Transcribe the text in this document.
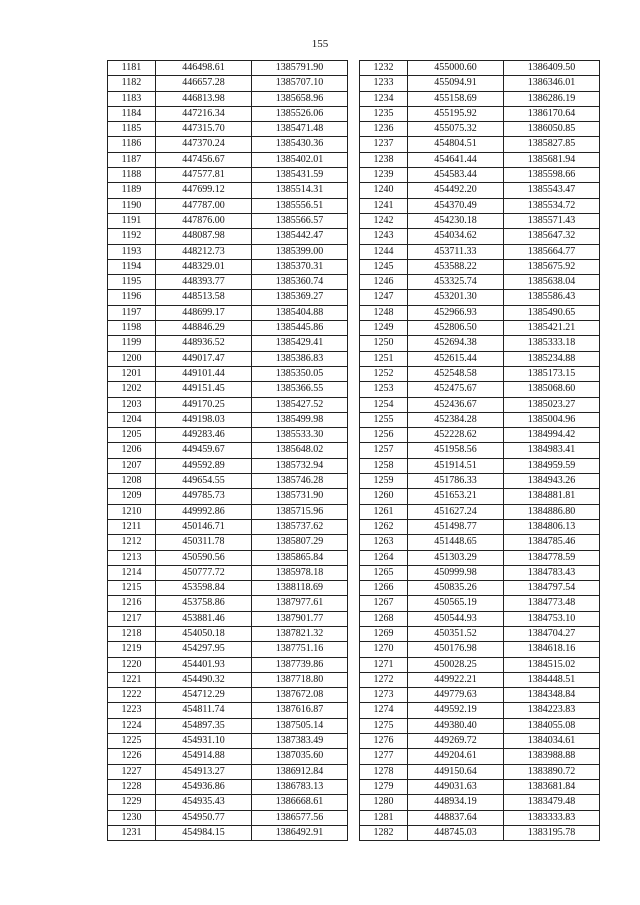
155
1181	446498.61	1385791.90
1182	446657.28	1385707.10
1183	446813.98	1385658.96
1184	447216.34	1385526.06
1185	447315.70	1385471.48
1186	447370.24	1385430.36
1187	447456.67	1385402.01
1188	447577.81	1385431.59
1189	447699.12	1385514.31
1190	447787.00	1385556.51
1191	447876.00	1385566.57
1192	448087.98	1385442.47
1193	448212.73	1385399.00
1194	448329.01	1385370.31
1195	448393.77	1385360.74
1196	448513.58	1385369.27
1197	448699.17	1385404.88
1198	448846.29	1385445.86
1199	448936.52	1385429.41
1200	449017.47	1385386.83
1201	449101.44	1385350.05
1202	449151.45	1385366.55
1203	449170.25	1385427.52
1204	449198.03	1385499.98
1205	449283.46	1385533.30
1206	449459.67	1385648.02
1207	449592.89	1385732.94
1208	449654.55	1385746.28
1209	449785.73	1385731.90
1210	449992.86	1385715.96
1211	450146.71	1385737.62
1212	450311.78	1385807.29
1213	450590.56	1385865.84
1214	450777.72	1385978.18
1215	453598.84	1388118.69
1216	453758.86	1387977.61
1217	453881.46	1387901.77
1218	454050.18	1387821.32
1219	454297.95	1387751.16
1220	454401.93	1387739.86
1221	454490.32	1387718.80
1222	454712.29	1387672.08
1223	454811.74	1387616.87
1224	454897.35	1387505.14
1225	454931.10	1387383.49
1226	454914.88	1387035.60
1227	454913.27	1386912.84
1228	454936.86	1386783.13
1229	454935.43	1386668.61
1230	454950.77	1386577.56
1231	454984.15	1386492.91
1232	455000.60	1386409.50
1233	455094.91	1386346.01
1234	455158.69	1386286.19
1235	455195.92	1386170.64
1236	455075.32	1386050.85
1237	454804.51	1385827.85
1238	454641.44	1385681.94
1239	454583.44	1385598.66
1240	454492.20	1385543.47
1241	454370.49	1385534.72
1242	454230.18	1385571.43
1243	454034.62	1385647.32
1244	453711.33	1385664.77
1245	453588.22	1385675.92
1246	453325.74	1385638.04
1247	453201.30	1385586.43
1248	452966.93	1385490.65
1249	452806.50	1385421.21
1250	452694.38	1385333.18
1251	452615.44	1385234.88
1252	452548.58	1385173.15
1253	452475.67	1385068.60
1254	452436.67	1385023.27
1255	452384.28	1385004.96
1256	452228.62	1384994.42
1257	451958.56	1384983.41
1258	451914.51	1384959.59
1259	451786.33	1384943.26
1260	451653.21	1384881.81
1261	451627.24	1384886.80
1262	451498.77	1384806.13
1263	451448.65	1384785.46
1264	451303.29	1384778.59
1265	450999.98	1384783.43
1266	450835.26	1384797.54
1267	450565.19	1384773.48
1268	450544.93	1384753.10
1269	450351.52	1384704.27
1270	450176.98	1384618.16
1271	450028.25	1384515.02
1272	449922.21	1384448.51
1273	449779.63	1384348.84
1274	449592.19	1384223.83
1275	449380.40	1384055.08
1276	449269.72	1384034.61
1277	449204.61	1383988.88
1278	449150.64	1383890.72
1279	449031.63	1383681.84
1280	448934.19	1383479.48
1281	448837.64	1383333.83
1282	448745.03	1383195.78
